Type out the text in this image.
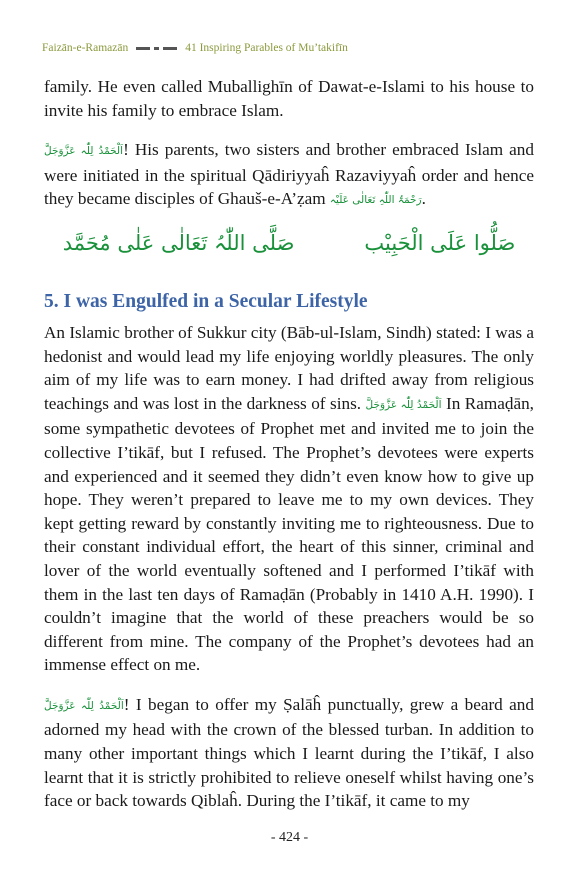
Faizān-e-Ramazān	41 Inspiring Parables of Mu’takifīn

family. He even called Muballighīn of Dawat-e-Islami to his house to invite his family to embrace Islam.

اَلْحَمْدُ لِلّٰہ عَزَّوَجَلَّ! His parents, two sisters and brother embraced Islam and were initiated in the spiritual Qādiriyyaĥ Razaviyyaĥ order and hence they became disciples of Ghauš-e-A’ẓam رَحْمَۃُ اللّٰہِ تَعَالٰی عَلَیْہ.

صَلُّوا عَلَی الْحَبِیْب
صَلَّی اللّٰہُ تَعَالٰی عَلٰی مُحَمَّد
5. I was Engulfed in a Secular Lifestyle

An Islamic brother of Sukkur city (Bāb-ul-Islam, Sindh) stated: I was a hedonist and would lead my life enjoying worldly pleasures. The only aim of my life was to earn money. I had drifted away from religious teachings and was lost in the darkness of sins. اَلْحَمْدُ لِلّٰہ عَزَّوَجَلَّ In Ramaḍān, some sympathetic devotees of Prophet met and invited me to join the collective I’tikāf, but I refused. The Prophet’s devotees were experts and experienced and it seemed they didn’t even know how to give up hope. They weren’t prepared to leave me to my own devices. They kept getting reward by constantly inviting me to righteousness. Due to their constant individual effort, the heart of this sinner, criminal and lover of the world eventually softened and I performed I’tikāf with them in the last ten days of Ramaḍān (Probably in 1410 A.H. 1990). I couldn’t imagine that the world of these preachers would be so different from mine. The company of the Prophet’s devotees had an immense effect on me.

اَلْحَمْدُ لِلّٰہ عَزَّوَجَلَّ! I began to offer my Ṣalāĥ punctually, grew a beard and adorned my head with the crown of the blessed turban. In addition to many other important things which I learnt during the I’tikāf, I also learnt that it is strictly prohibited to relieve oneself whilst having one’s face or back towards Qiblaĥ. During the I’tikāf, it came to my

- 424 -
